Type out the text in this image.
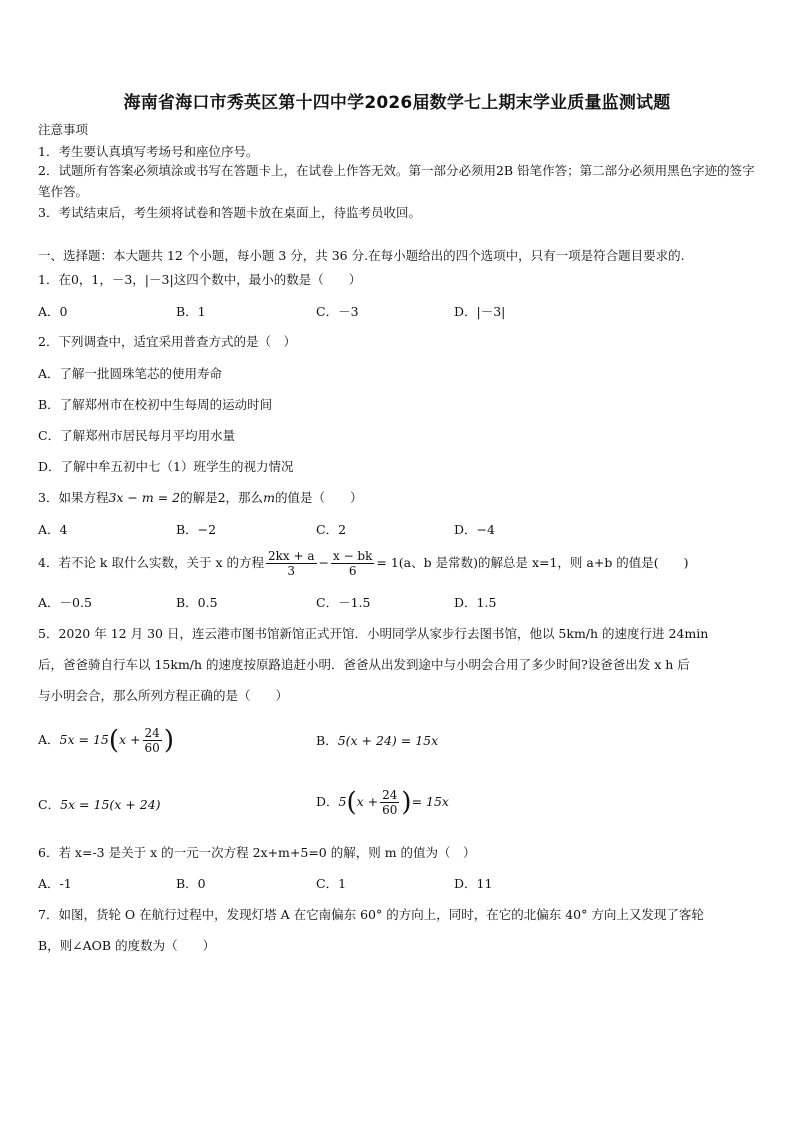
海南省海口市秀英区第十四中学2026届数学七上期末学业质量监测试题
注意事项
1．考生要认真填写考场号和座位序号。
2．试题所有答案必须填涂或书写在答题卡上，在试卷上作答无效。第一部分必须用2B 铅笔作答；第二部分必须用黑色字迹的签字笔作答。
3．考试结束后，考生须将试卷和答题卡放在桌面上，待监考员收回。
一、选择题：本大题共 12 个小题，每小题 3 分，共 36 分.在每小题给出的四个选项中，只有一项是符合题目要求的.
1．在0，1，－3，|－3|这四个数中，最小的数是（　　）
A．0	B．1	C．－3	D．|－3|
2．下列调查中，适宜采用普查方式的是（　）
A．了解一批圆珠笔芯的使用寿命
B．了解郑州市在校初中生每周的运动时间
C．了解郑州市居民每月平均用水量
D．了解中牟五初中七（1）班学生的视力情况
3．如果方程3x − m = 2的解是2，那么m的值是（　　）
A．4	B．−2	C．2	D．−4
4．若不论 k 取什么实数，关于 x 的方程 $\frac{2kx + a}{3} - \frac{x - bk}{6} = 1(a$、b 是常数)的解总是 x=1，则 a+b 的值是(　　)
A．－0.5	B．0.5	C．－1.5	D．1.5
5．2020 年 12 月 30 日，连云港市图书馆新馆正式开馆．小明同学从家步行去图书馆，他以 5km/h 的速度行进 24min
后，爸爸骑自行车以 15km/h 的速度按原路追赶小明．爸爸从出发到途中与小明会合用了多少时间?设爸爸出发 x h 后
与小明会合，那么所列方程正确的是（　　）
A．$5x = 15(x + \frac{24}{60}$ )	B．5(x + 24) = 15x
C．5x = 15(x + 24)	D．$5(x + \frac{24}{60}$ )= 15x
6．若 x=-3 是关于 x 的一元一次方程 2x+m+5=0 的解，则 m 的值为（　）
A．-1	B．0	C．1	D．11
7．如图，货轮 O 在航行过程中，发现灯塔 A 在它南偏东 60° 的方向上，同时，在它的北偏东 40° 方向上又发现了客轮
B，则∠AOB 的度数为（　　）
